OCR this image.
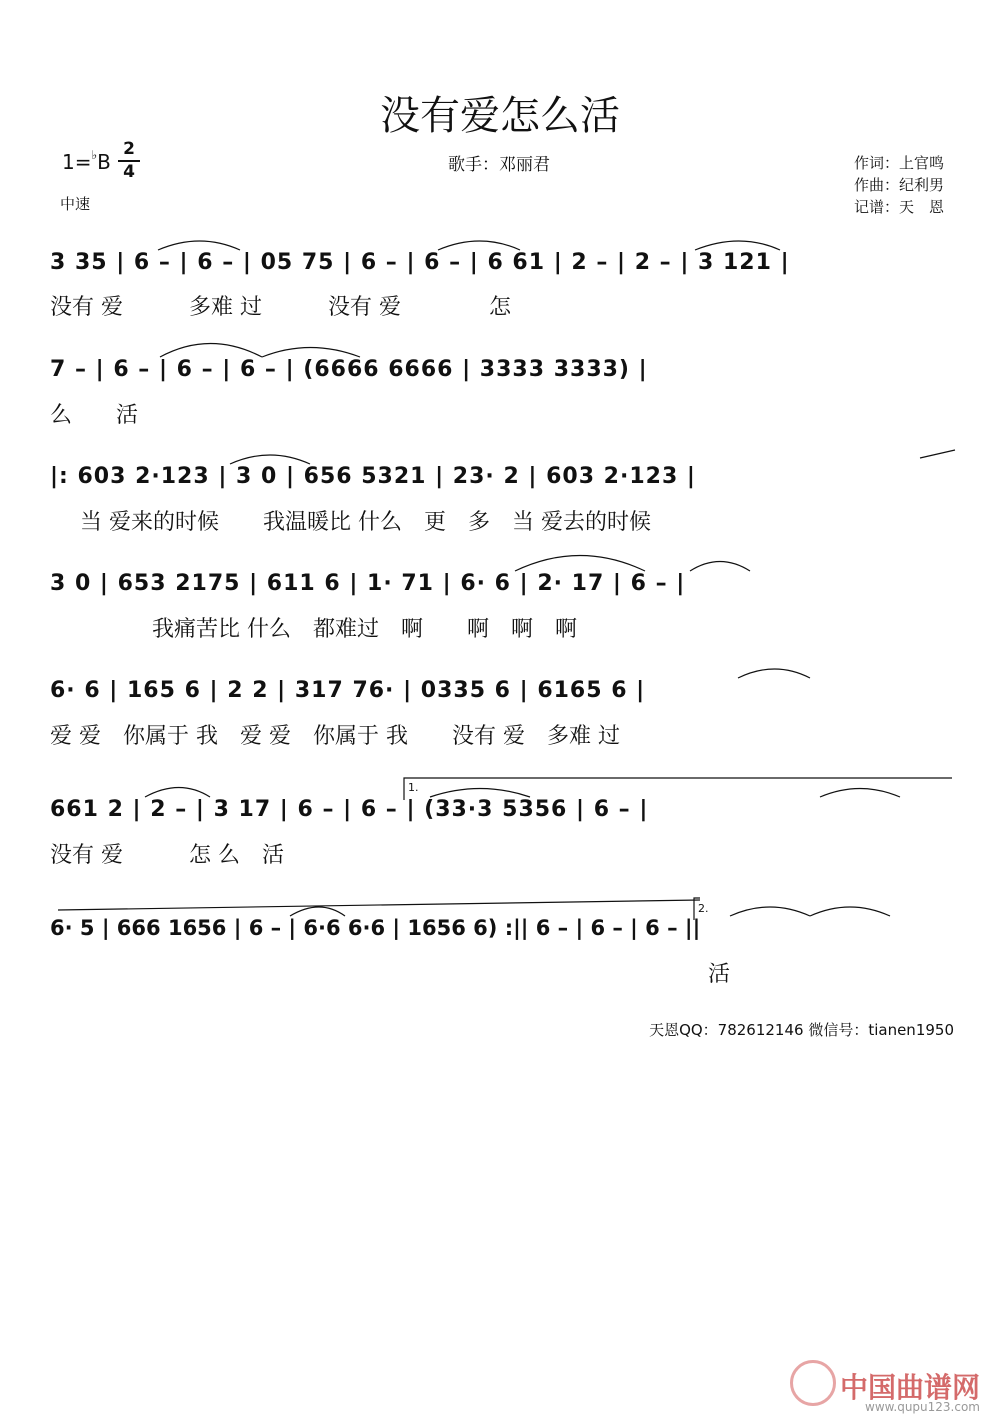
没有爱怎么活
1=♭B
2
4
中速
歌手：邓丽君	作词：上官鸣
作曲：纪利男
记谱：天　恩
3 35 | 6 – | 6 – | 05 75 | 6 – | 6 – | 6 61 | 2 – | 2 – | 3 121 |
没有 爱　　　多难 过　　　没有 爱　　　　怎
7 – | 6 – | 6 – | 6 – | (6666 6666 | 3333 3333) |
么　　活
|: 603 2·123 | 3 0 | 656 5321 | 23· 2 | 603 2·123 |
当 爱来的时候　　我温暖比 什么　更　多　当 爱去的时候
3 0 | 653 2175 | 611 6 | 1· 71 | 6· 6 | 2· 17 | 6 – |
我痛苦比 什么　都难过　啊　　啊　啊　啊
6· 6 | 165 6 | 2 2 | 317 76· | 0335 6 | 6165 6 |
爱 爱　你属于 我　爱 爱　你属于 我　　没有 爱　多难 过
661 2 | 2 – | 3 17 | 6 – | 6 – | (33·3 5356 | 6 – |
没有 爱　　　怎 么　活
6· 5 | 666 1656 | 6 – | 6·6 6·6 | 1656 6) :|| 6 – | 6 – | 6 – ||
活
1.
2.
天恩QQ：782612146 微信号：tianen1950
中国曲谱网
www.qupu123.com
